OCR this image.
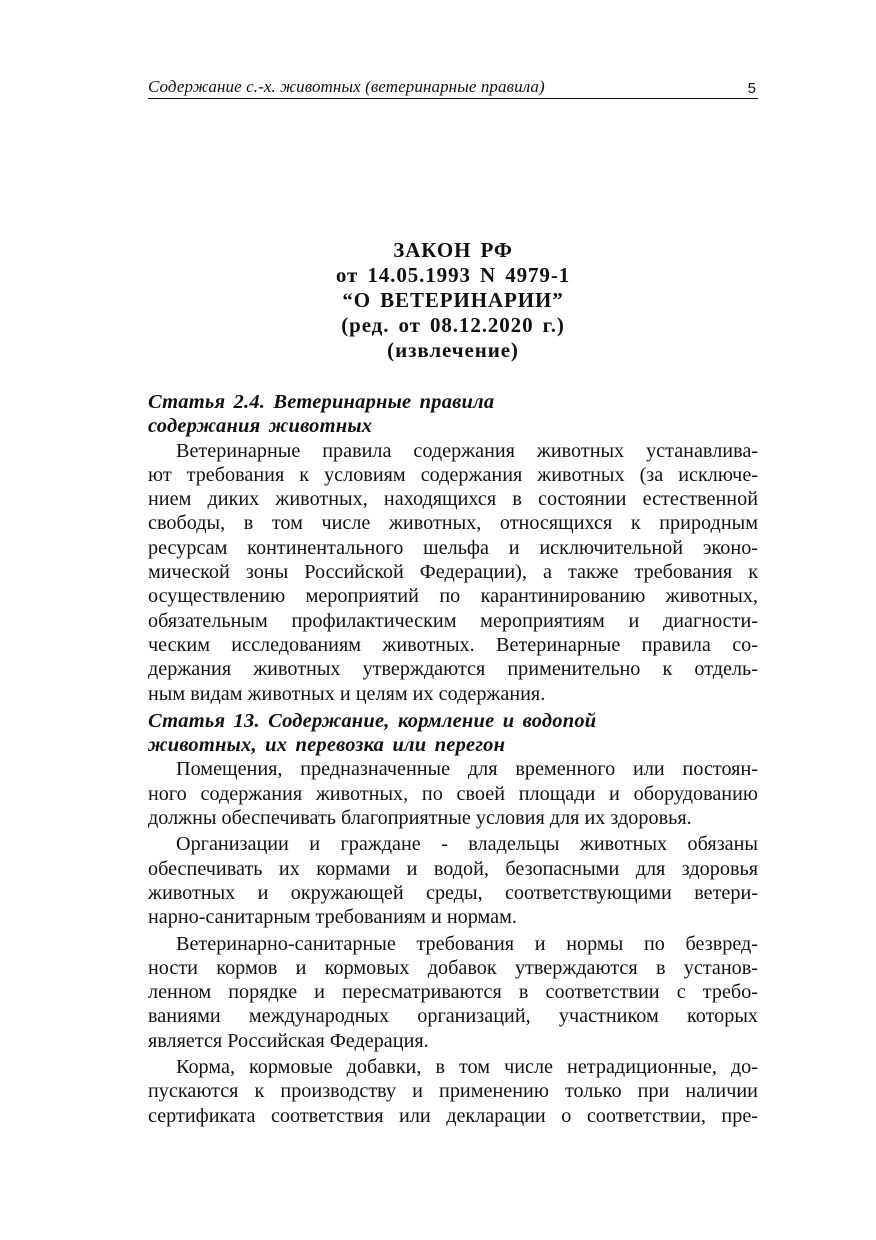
Содержание с.-х. животных (ветеринарные правила)	5
ЗАКОН РФ
от 14.05.1993 N 4979-1
“О ВЕТЕРИНАРИИ”
(ред. от 08.12.2020 г.)
(извлечение)
Статья 2.4. Ветеринарные правила
содержания животных
Ветеринарные правила содержания животных устанавлива-
ют требования к условиям содержания животных (за исключе-
нием диких животных, находящихся в состоянии естественной
свободы, в том числе животных, относящихся к природным
ресурсам континентального шельфа и исключительной эконо-
мической зоны Российской Федерации), а также требования к
осуществлению мероприятий по карантинированию животных,
обязательным профилактическим мероприятиям и диагности-
ческим исследованиям животных. Ветеринарные правила со-
держания животных утверждаются применительно к отдель-
ным видам животных и целям их содержания.
Статья 13. Содержание, кормление и водопой
животных, их перевозка или перегон
Помещения, предназначенные для временного или постоян-
ного содержания животных, по своей площади и оборудованию
должны обеспечивать благоприятные условия для их здоровья.
Организации и граждане - владельцы животных обязаны
обеспечивать их кормами и водой, безопасными для здоровья
животных и окружающей среды, соответствующими ветери-
нарно-санитарным требованиям и нормам.
Ветеринарно-санитарные требования и нормы по безвред-
ности кормов и кормовых добавок утверждаются в установ-
ленном порядке и пересматриваются в соответствии с требо-
ваниями международных организаций, участником которых
является Российская Федерация.
Корма, кормовые добавки, в том числе нетрадиционные, до-
пускаются к производству и применению только при наличии
сертификата соответствия или декларации о соответствии, пре-
